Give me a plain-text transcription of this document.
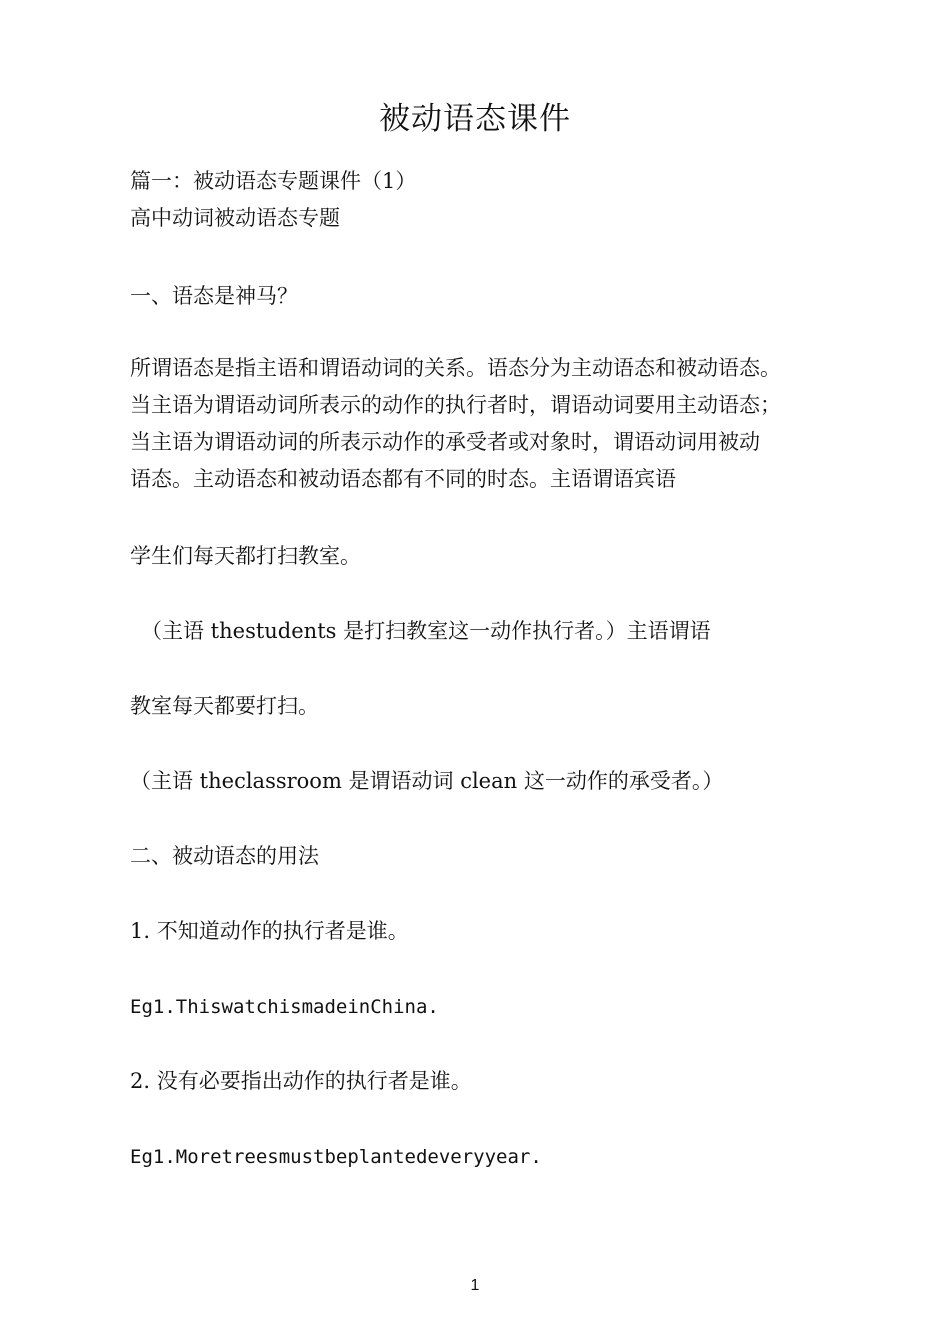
被动语态课件
篇一：被动语态专题课件（1）
高中动词被动语态专题
一、语态是神马？
所谓语态是指主语和谓语动词的关系。语态分为主动语态和被动语态。
当主语为谓语动词所表示的动作的执行者时，谓语动词要用主动语态；
当主语为谓语动词的所表示动作的承受者或对象时，谓语动词用被动
语态。主动语态和被动语态都有不同的时态。主语谓语宾语
学生们每天都打扫教室。
（主语 thestudents 是打扫教室这一动作执行者。）主语谓语
教室每天都要打扫。
（主语 theclassroom 是谓语动词 clean 这一动作的承受者。）
二、被动语态的用法
1. 不知道动作的执行者是谁。
Eg1.ThiswatchismadeinChina.
2. 没有必要指出动作的执行者是谁。
Eg1.Moretreesmustbeplantedeveryyear.
1
